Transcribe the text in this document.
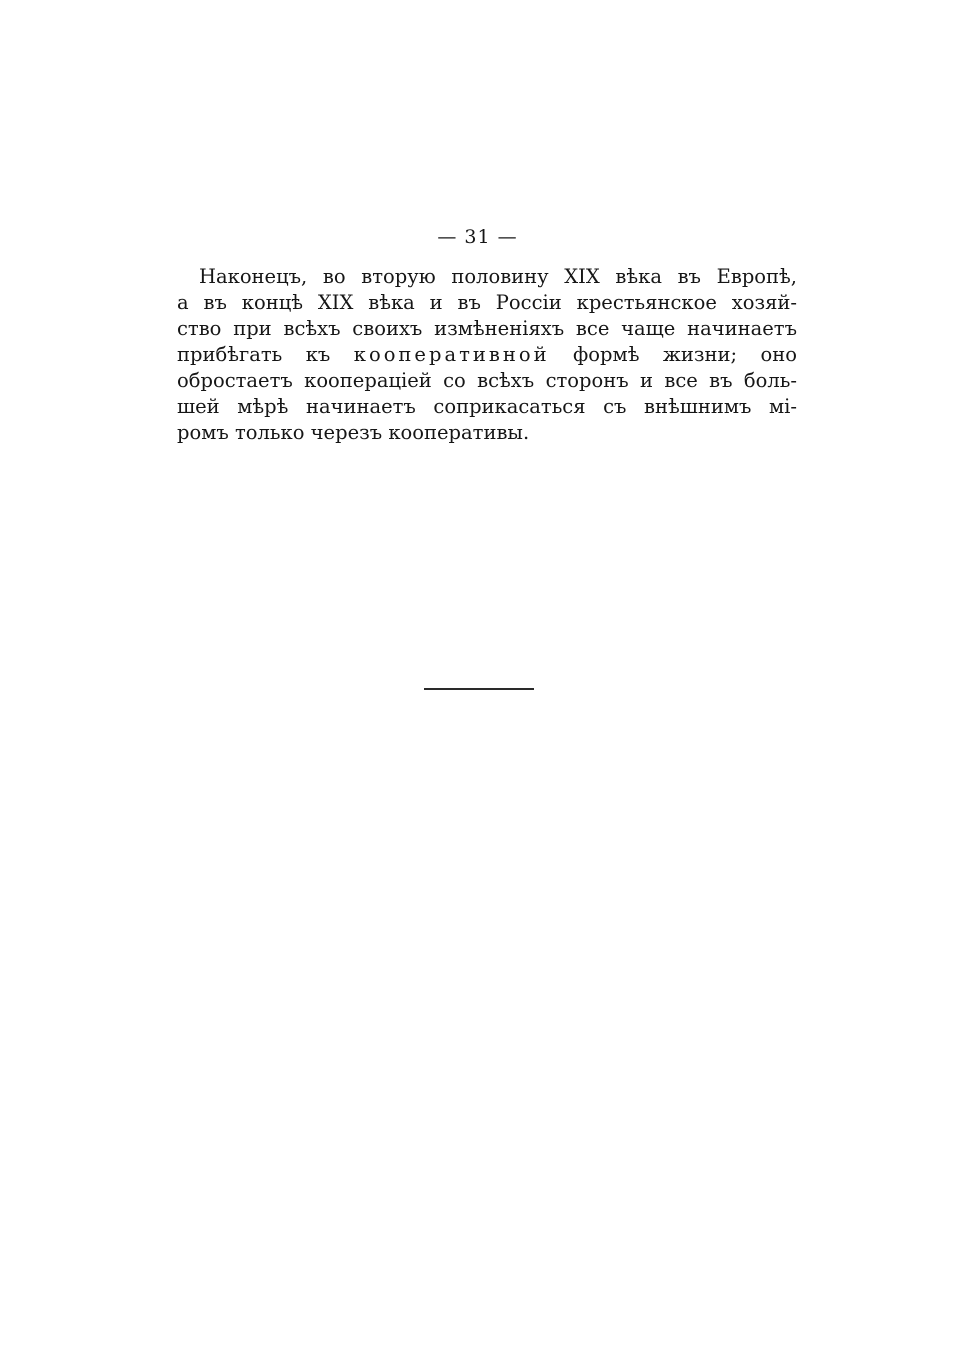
— 31 —
Наконецъ, во вторую половину XIX вѣка въ Европѣ,
а въ концѣ XIX вѣка и въ Россiи крестьянское хозяй-
ство при всѣхъ своихъ измѣненiяхъ все чаще начинаетъ
прибѣгать къ кооперативной формѣ жизни; оно
обростаетъ коопераціей со всѣхъ сторонъ и все въ боль-
шей мѣрѣ начинаетъ соприкасаться съ внѣшнимъ мі-
ромъ только черезъ кооперативы.
